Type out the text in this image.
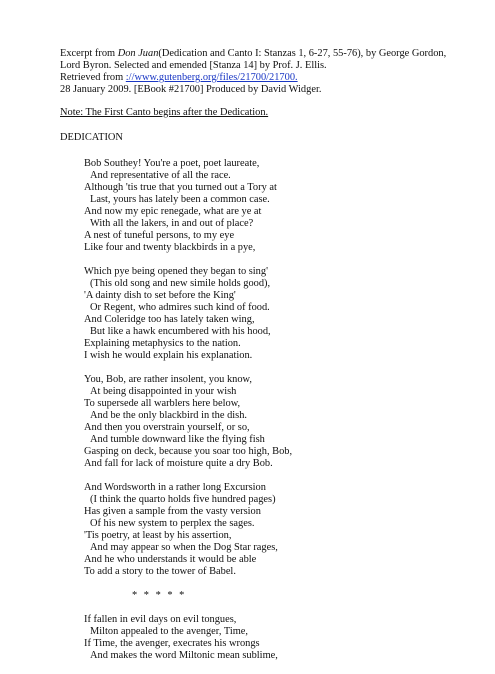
Excerpt from Don Juan(Dedication and Canto I: Stanzas 1, 6-27, 55-76), by George Gordon,
Lord Byron. Selected and emended [Stanza 14] by Prof. J. Ellis.
Retrieved from ://www.gutenberg.org/files/21700/21700.
28 January 2009. [EBook #21700] Produced by David Widger.
Note: The First Canto begins after the Dedication.
DEDICATION
Bob Southey! You're a poet, poet laureate,
And representative of all the race.
Although 'tis true that you turned out a Tory at
Last, yours has lately been a common case.
And now my epic renegade, what are ye at
With all the lakers, in and out of place?
A nest of tuneful persons, to my eye
Like four and twenty blackbirds in a pye,
Which pye being opened they began to sing'
(This old song and new simile holds good),
'A dainty dish to set before the King'
Or Regent, who admires such kind of food.
And Coleridge too has lately taken wing,
But like a hawk encumbered with his hood,
Explaining metaphysics to the nation.
I wish he would explain his explanation.
You, Bob, are rather insolent, you know,
At being disappointed in your wish
To supersede all warblers here below,
And be the only blackbird in the dish.
And then you overstrain yourself, or so,
And tumble downward like the flying fish
Gasping on deck, because you soar too high, Bob,
And fall for lack of moisture quite a dry Bob.
And Wordsworth in a rather long Excursion
(I think the quarto holds five hundred pages)
Has given a sample from the vasty version
Of his new system to perplex the sages.
'Tis poetry, at least by his assertion,
And may appear so when the Dog Star rages,
And he who understands it would be able
To add a story to the tower of Babel.
* * * * *
If fallen in evil days on evil tongues,
Milton appealed to the avenger, Time,
If Time, the avenger, execrates his wrongs
And makes the word Miltonic mean sublime,
